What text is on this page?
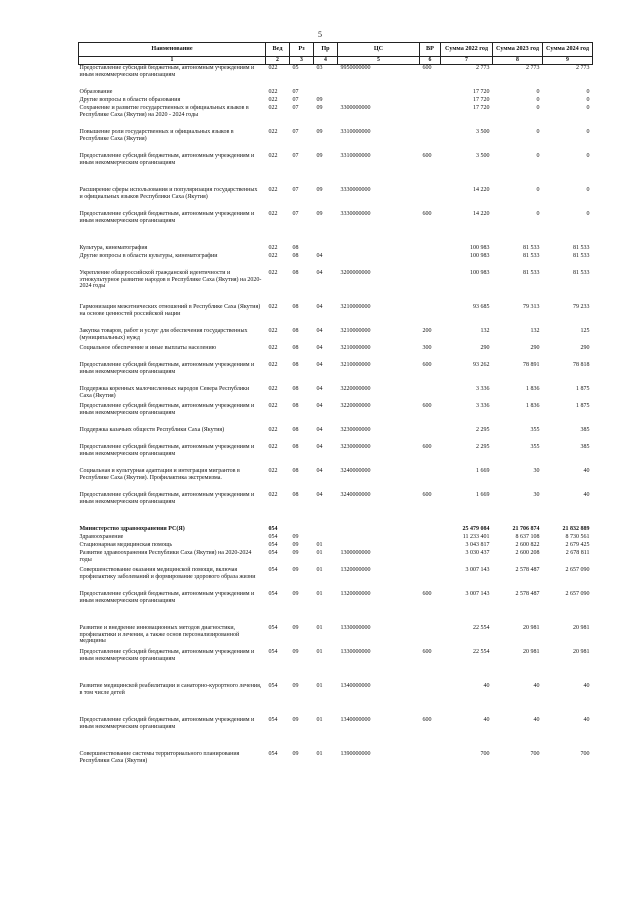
5
Наименование	Вед	Рз	Пр	ЦС	ВР	Сумма 2022 год	Сумма 2023 год	Сумма 2024 год
1	2	3	4	5	6	7	8	9
Предоставление субсидий бюджетным, автономным учреждениям и иным некоммерческим организациям	022	05	03	9950000000	600	2 773	2 773	2 773
Образование	022	07				17 720	0	0
Другие вопросы в области образования	022	07	09			17 720	0	0
Сохранение и развитие государственных и официальных языков в Республике Саха (Якутия) на 2020 - 2024 годы	022	07	09	3300000000		17 720	0	0
Повышение роли государственных и официальных языков в Республике Саха (Якутия)	022	07	09	3310000000		3 500	0	0
Предоставление субсидий бюджетным, автономным учреждениям и иным некоммерческим организациям	022	07	09	3310000000	600	3 500	0	0
Расширение сферы использования и популяризация государственных и официальных языков Республики Саха (Якутия)	022	07	09	3330000000		14 220	0	0
Предоставление субсидий бюджетным, автономным учреждениям и иным некоммерческим организациям	022	07	09	3330000000	600	14 220	0	0
Культура, кинематография	022	08				100 983	81 533	81 533
Другие вопросы в области культуры, кинематографии	022	08	04			100 983	81 533	81 533
Укрепление общероссийской гражданской идентичности и этнокультурное развитие народов в Республике Саха (Якутия) на 2020-2024 годы	022	08	04	3200000000		100 983	81 533	81 533
Гармонизация межэтнических отношений в Республике Саха (Якутия) на основе ценностей российской нации	022	08	04	3210000000		93 685	79 313	79 233
Закупка товаров, работ и услуг для обеспечения государственных (муниципальных) нужд	022	08	04	3210000000	200	132	132	125
Социальное обеспечение и иные выплаты населению	022	08	04	3210000000	300	290	290	290
Предоставление субсидий бюджетным, автономным учреждениям и иным некоммерческим организациям	022	08	04	3210000000	600	93 262	78 891	78 818
Поддержка коренных малочисленных народов Севера Республики Саха (Якутия)	022	08	04	3220000000		3 336	1 836	1 875
Предоставление субсидий бюджетным, автономным учреждениям и иным некоммерческим организациям	022	08	04	3220000000	600	3 336	1 836	1 875
Поддержка казачьих обществ Республики Саха (Якутия)	022	08	04	3230000000		2 295	355	385
Предоставление субсидий бюджетным, автономным учреждениям и иным некоммерческим организациям	022	08	04	3230000000	600	2 295	355	385
Социальная и культурная адаптация и интеграция мигрантов в Республике Саха (Якутия). Профилактика экстремизма.	022	08	04	3240000000		1 669	30	40
Предоставление субсидий бюджетным, автономным учреждениям и иным некоммерческим организациям	022	08	04	3240000000	600	1 669	30	40
Министерство здравоохранения РС(Я)	054					25 479 084	21 706 874	21 832 889
Здравоохранение	054	09				11 233 401	8 637 108	8 730 561
Стационарная медицинская помощь	054	09	01			3 043 817	2 600 822	2 679 425
Развитие здравоохранения Республики Саха (Якутия) на 2020-2024 годы	054	09	01	1300000000		3 030 437	2 600 208	2 678 811
Совершенствование оказания медицинской помощи, включая профилактику заболеваний и формирование здорового образа жизни	054	09	01	1320000000		3 007 143	2 578 487	2 657 090
Предоставление субсидий бюджетным, автономным учреждениям и иным некоммерческим организациям	054	09	01	1320000000	600	3 007 143	2 578 487	2 657 090
Развитие и внедрение инновационных методов диагностики, профилактики и лечения, а также основ персонализированной медицины	054	09	01	1330000000		22 554	20 981	20 981
Предоставление субсидий бюджетным, автономным учреждениям и иным некоммерческим организациям	054	09	01	1330000000	600	22 554	20 981	20 981
Развитие медицинской реабилитации и санаторно-курортного лечения, в том числе детей	054	09	01	1340000000		40	40	40
Предоставление субсидий бюджетным, автономным учреждениям и иным некоммерческим организациям	054	09	01	1340000000	600	40	40	40
Совершенствование системы территориального планирования Республики Саха (Якутия)	054	09	01	1390000000		700	700	700
